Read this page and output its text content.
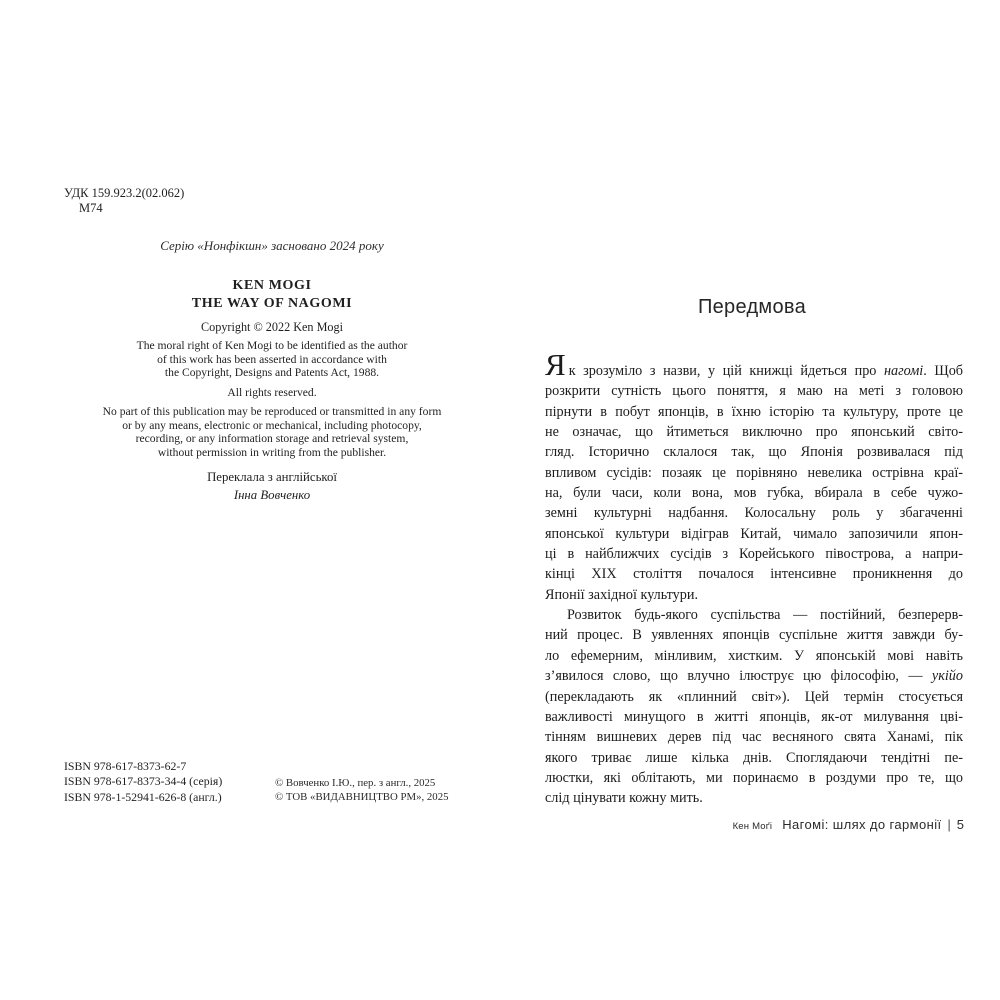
УДК 159.923.2(02.062)
М74
Серію «Нонфікшн» засновано 2024 року
KEN MOGI
THE WAY OF NAGOMI
Copyright © 2022 Ken Mogi
The moral right of Ken Mogi to be identified as the author
of this work has been asserted in accordance with
the Copyright, Designs and Patents Act, 1988.
All rights reserved.
No part of this publication may be reproduced or transmitted in any form
or by any means, electronic or mechanical, including photocopy,
recording, or any information storage and retrieval system,
without permission in writing from the publisher.
Переклала з англійської
Інна Вовченко
ISBN 978-617-8373-62-7
ISBN 978-617-8373-34-4 (серія)
ISBN 978-1-52941-626-8 (англ.)
© Вовченко І.Ю., пер. з англ., 2025
© ТОВ «ВИДАВНИЦТВО РМ», 2025
Передмова
Як зрозуміло з назви, у цій книжці йдеться про нагомі. Щоб
розкрити сутність цього поняття, я маю на меті з головою
пірнути в побут японців, в їхню історію та культуру, проте це
не означає, що йтиметься виключно про японський світо-
гляд. Історично склалося так, що Японія розвивалася під
впливом сусідів: позаяк це порівняно невелика острівна краї-
на, були часи, коли вона, мов губка, вбирала в себе чужо-
земні культурні надбання. Колосальну роль у збагаченні
японської культури відіграв Китай, чимало запозичили япон-
ці в найближчих сусідів з Корейського півострова, а напри-
кінці XIX століття почалося інтенсивне проникнення до
Японії західної культури.
Розвиток будь-якого суспільства — постійний, безперерв-
ний процес. В уявленнях японців суспільне життя завжди бу-
ло ефемерним, мінливим, хистким. У японській мові навіть
з’явилося слово, що влучно ілюструє цю філософію, — укійо
(перекладають як «плинний світ»). Цей термін стосується
важливості минущого в житті японців, як-от милування цві-
тінням вишневих дерев під час весняного свята Ханамі, пік
якого триває лише кілька днів. Споглядаючи тендітні пе-
люстки, які облітають, ми поринаємо в роздуми про те, що
слід цінувати кожну мить.
Кен Моґі Нагомі: шлях до гармонії | 5
